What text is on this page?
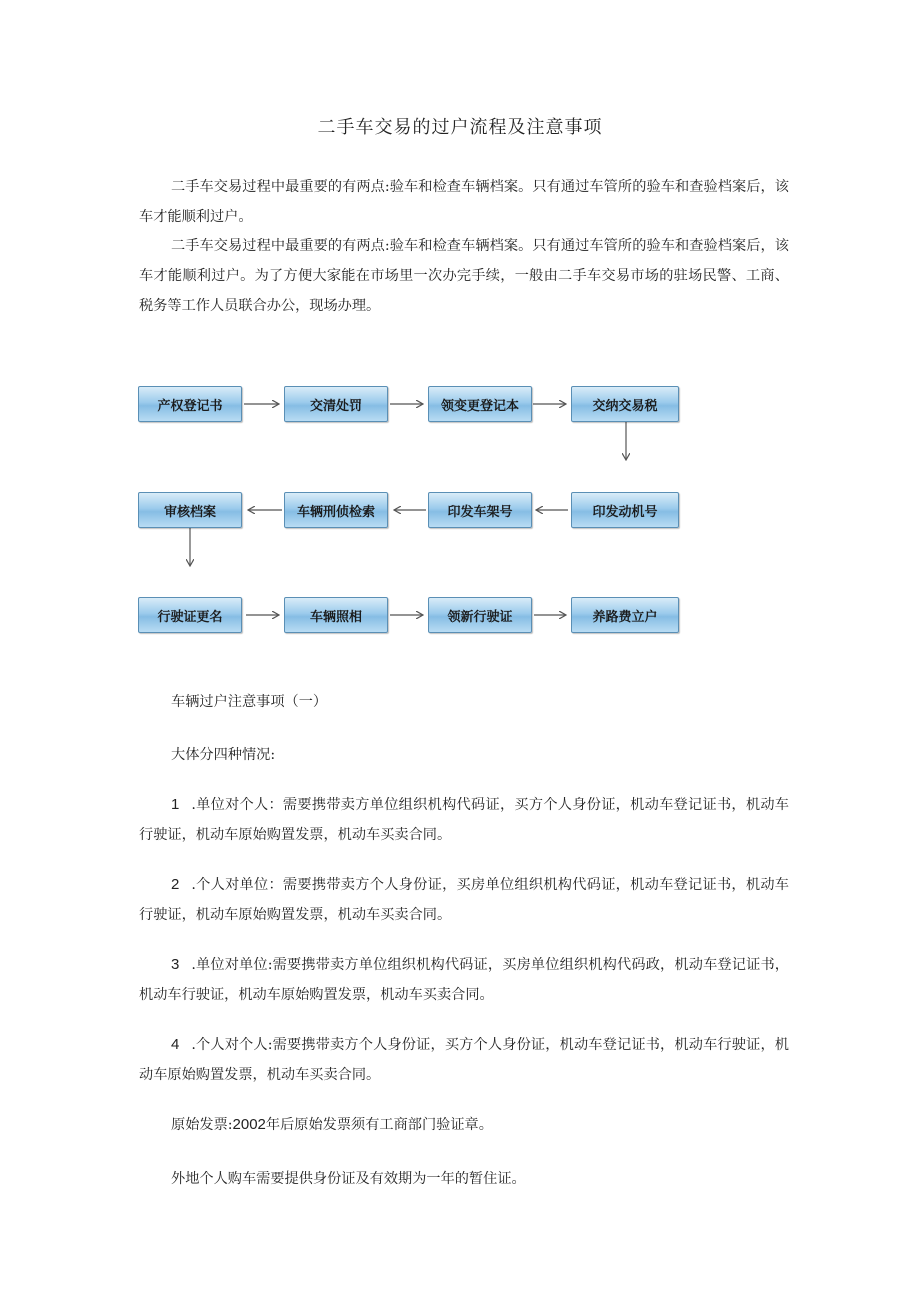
二手车交易的过户流程及注意事项

二手车交易过程中最重要的有两点:验车和检查车辆档案。只有通过车管所的验车和查验档案后，该车才能顺利过户。

二手车交易过程中最重要的有两点:验车和检查车辆档案。只有通过车管所的验车和查验档案后，该车才能顺利过户。为了方便大家能在市场里一次办完手续，一般由二手车交易市场的驻场民警、工商、税务等工作人员联合办公，现场办理。

产权登记书	交清处罚	领变更登记本	交纳交易税
印发动机号
印发车架号
车辆刑侦检索
审核档案
行驶证更名	车辆照相	领新行驶证	养路费立户

车辆过户注意事项（一）

大体分四种情况:

1 .单位对个人：需要携带卖方单位组织机构代码证，买方个人身份证，机动车登记证书，机动车行驶证，机动车原始购置发票，机动车买卖合同。

2 .个人对单位：需要携带卖方个人身份证，买房单位组织机构代码证，机动车登记证书，机动车行驶证，机动车原始购置发票，机动车买卖合同。

3 .单位对单位:需要携带卖方单位组织机构代码证，买房单位组织机构代码政，机动车登记证书，机动车行驶证，机动车原始购置发票，机动车买卖合同。

4 .个人对个人:需要携带卖方个人身份证，买方个人身份证，机动车登记证书，机动车行驶证，机动车原始购置发票，机动车买卖合同。

原始发票:2002年后原始发票须有工商部门验证章。

外地个人购车需要提供身份证及有效期为一年的暂住证。
